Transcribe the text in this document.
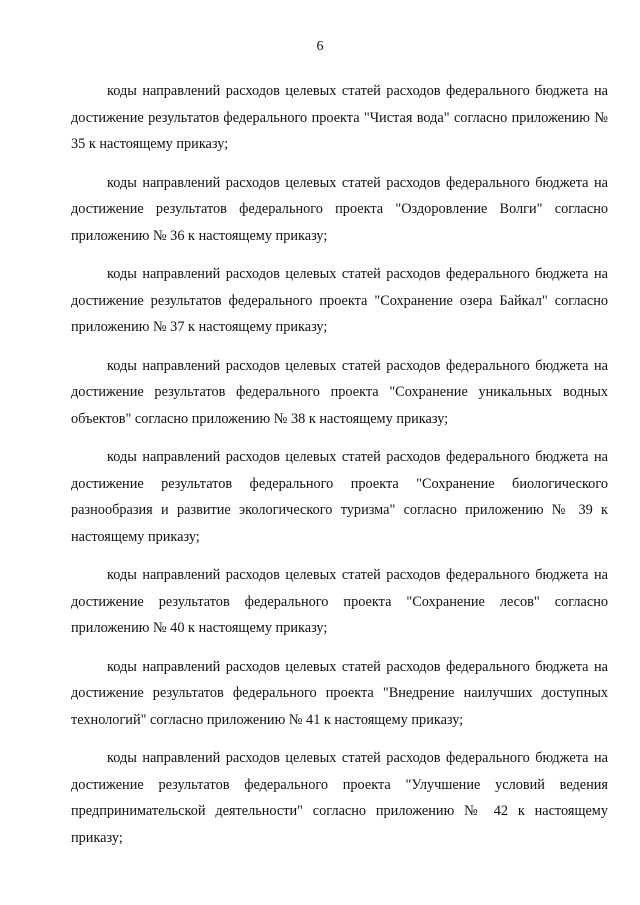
6

коды направлений расходов целевых статей расходов федерального бюджета на достижение результатов федерального проекта "Чистая вода" согласно приложению № 35 к настоящему приказу;

коды направлений расходов целевых статей расходов федерального бюджета на достижение результатов федерального проекта "Оздоровление Волги" согласно приложению № 36 к настоящему приказу;

коды направлений расходов целевых статей расходов федерального бюджета на достижение результатов федерального проекта "Сохранение озера Байкал" согласно приложению № 37 к настоящему приказу;

коды направлений расходов целевых статей расходов федерального бюджета на достижение результатов федерального проекта "Сохранение уникальных водных объектов" согласно приложению № 38 к настоящему приказу;

коды направлений расходов целевых статей расходов федерального бюджета на достижение результатов федерального проекта "Сохранение биологического разнообразия и развитие экологического туризма" согласно приложению № 39 к настоящему приказу;

коды направлений расходов целевых статей расходов федерального бюджета на достижение результатов федерального проекта "Сохранение лесов" согласно приложению № 40 к настоящему приказу;

коды направлений расходов целевых статей расходов федерального бюджета на достижение результатов федерального проекта "Внедрение наилучших доступных технологий" согласно приложению № 41 к настоящему приказу;

коды направлений расходов целевых статей расходов федерального бюджета на достижение результатов федерального проекта "Улучшение условий ведения предпринимательской деятельности" согласно приложению № 42 к настоящему приказу;
